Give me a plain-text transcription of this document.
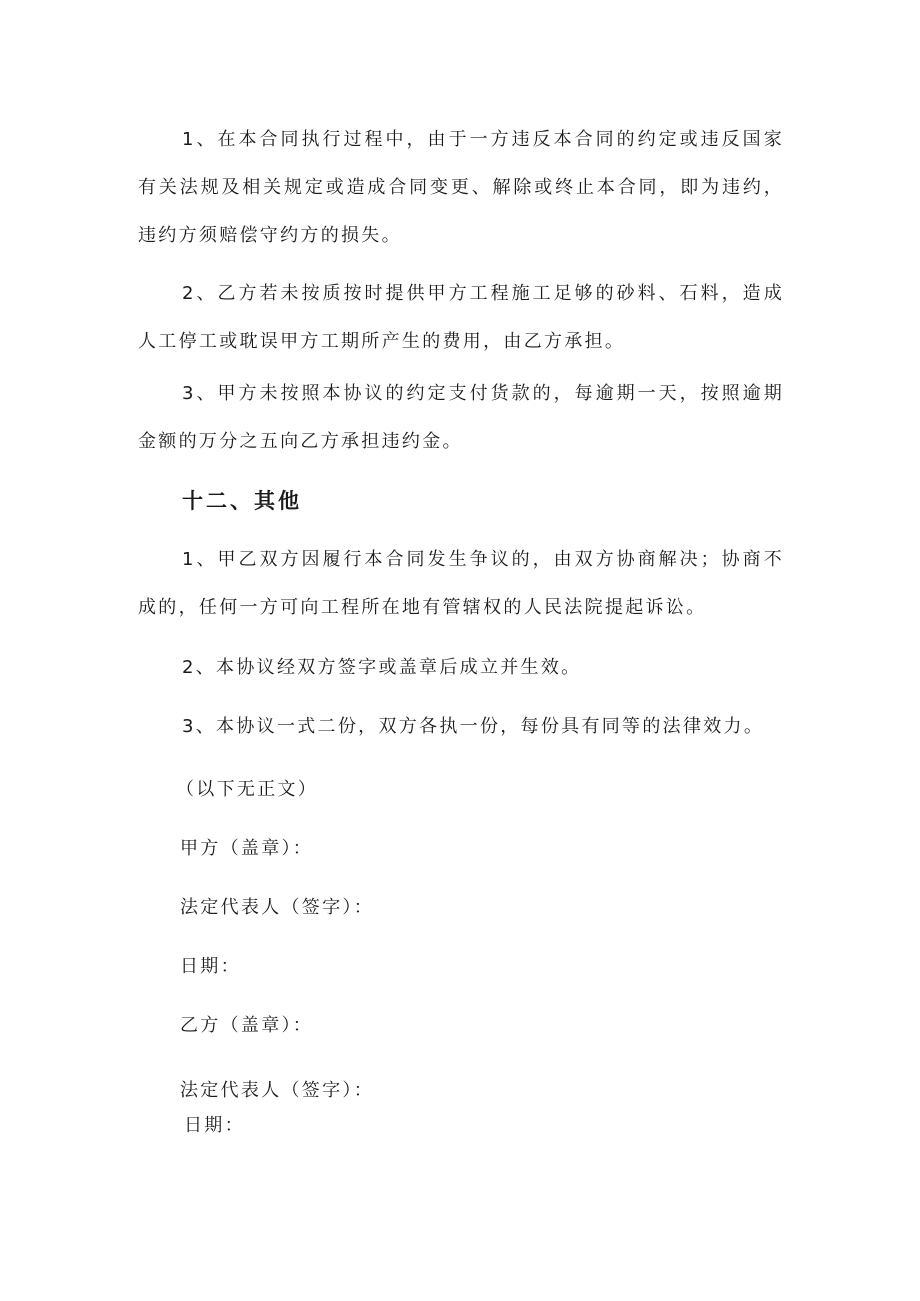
1、在本合同执行过程中，由于一方违反本合同的约定或违反国家有关法规及相关规定或造成合同变更、解除或终止本合同，即为违约，违约方须赔偿守约方的损失。

2、乙方若未按质按时提供甲方工程施工足够的砂料、石料，造成人工停工或耽误甲方工期所产生的费用，由乙方承担。

3、甲方未按照本协议的约定支付货款的，每逾期一天，按照逾期金额的万分之五向乙方承担违约金。

十二、其他

1、甲乙双方因履行本合同发生争议的，由双方协商解决；协商不成的，任何一方可向工程所在地有管辖权的人民法院提起诉讼。

2、本协议经双方签字或盖章后成立并生效。

3、本协议一式二份，双方各执一份，每份具有同等的法律效力。

（以下无正文）

甲方（盖章）：

法定代表人（签字）：

日期：

乙方（盖章）：

法定代表人（签字）：

日期：
